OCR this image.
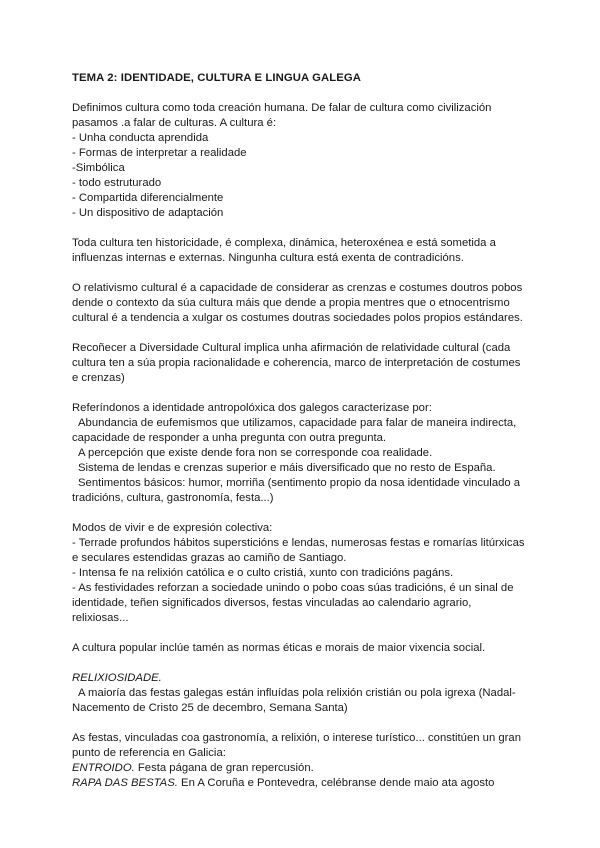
TEMA 2: IDENTIDADE, CULTURA E LINGUA GALEGA
Definimos cultura como toda creación humana. De falar de cultura como civilización
pasamos .a falar de culturas. A cultura é:
- Unha conducta aprendida
- Formas de interpretar a realidade
-Simbólica
- todo estruturado
- Compartida diferencialmente
- Un dispositivo de adaptación
Toda cultura ten historicidade, é complexa, dinámica, heteroxénea e está sometida a
influenzas internas e externas. Ningunha cultura está exenta de contradicións.
O relativismo cultural é a capacidade de considerar as crenzas e costumes doutros pobos
dende o contexto da súa cultura máis que dende a propia mentres que o etnocentrismo
cultural é a tendencia a xulgar os costumes doutras sociedades polos propios estándares.
Recoñecer a Diversidade Cultural implica unha afirmación de relatividade cultural (cada
cultura ten a súa propia racionalidade e coherencia, marco de interpretación de costumes
e crenzas)
Referíndonos a identidade antropolóxica dos galegos caracterizase por:
Abundancia de eufemismos que utilizamos, capacidade para falar de maneira indirecta,
capacidade de responder a unha pregunta con outra pregunta.
A percepción que existe dende fora non se corresponde coa realidade.
Sistema de lendas e crenzas superior e máis diversificado que no resto de España.
Sentimentos básicos: humor, morriña (sentimento propio da nosa identidade vinculado a
tradicións, cultura, gastronomía, festa...)
Modos de vivir e de expresión colectiva:
- Terrade profundos hábitos supersticións e lendas, numerosas festas e romarías litúrxicas
e seculares estendidas grazas ao camiño de Santiago.
- Intensa fe na relixión católica e o culto cristiá, xunto con tradicións pagáns.
- As festividades reforzan a sociedade unindo o pobo coas súas tradicións, é un sinal de
identidade, teñen significados diversos, festas vinculadas ao calendario agrario,
relixiosas...
A cultura popular inclúe tamén as normas éticas e morais de maior vixencia social.
RELIXIOSIDADE.
A maioría das festas galegas están influídas pola relixión cristián ou pola igrexa (Nadal-
Nacemento de Cristo 25 de decembro, Semana Santa)
As festas, vinculadas coa gastronomía, a relixión, o interese turístico... constitúen un gran
punto de referencia en Galicia:
ENTROIDO. Festa págana de gran repercusión.
RAPA DAS BESTAS. En A Coruña e Pontevedra, celébranse dende maio ata agosto
